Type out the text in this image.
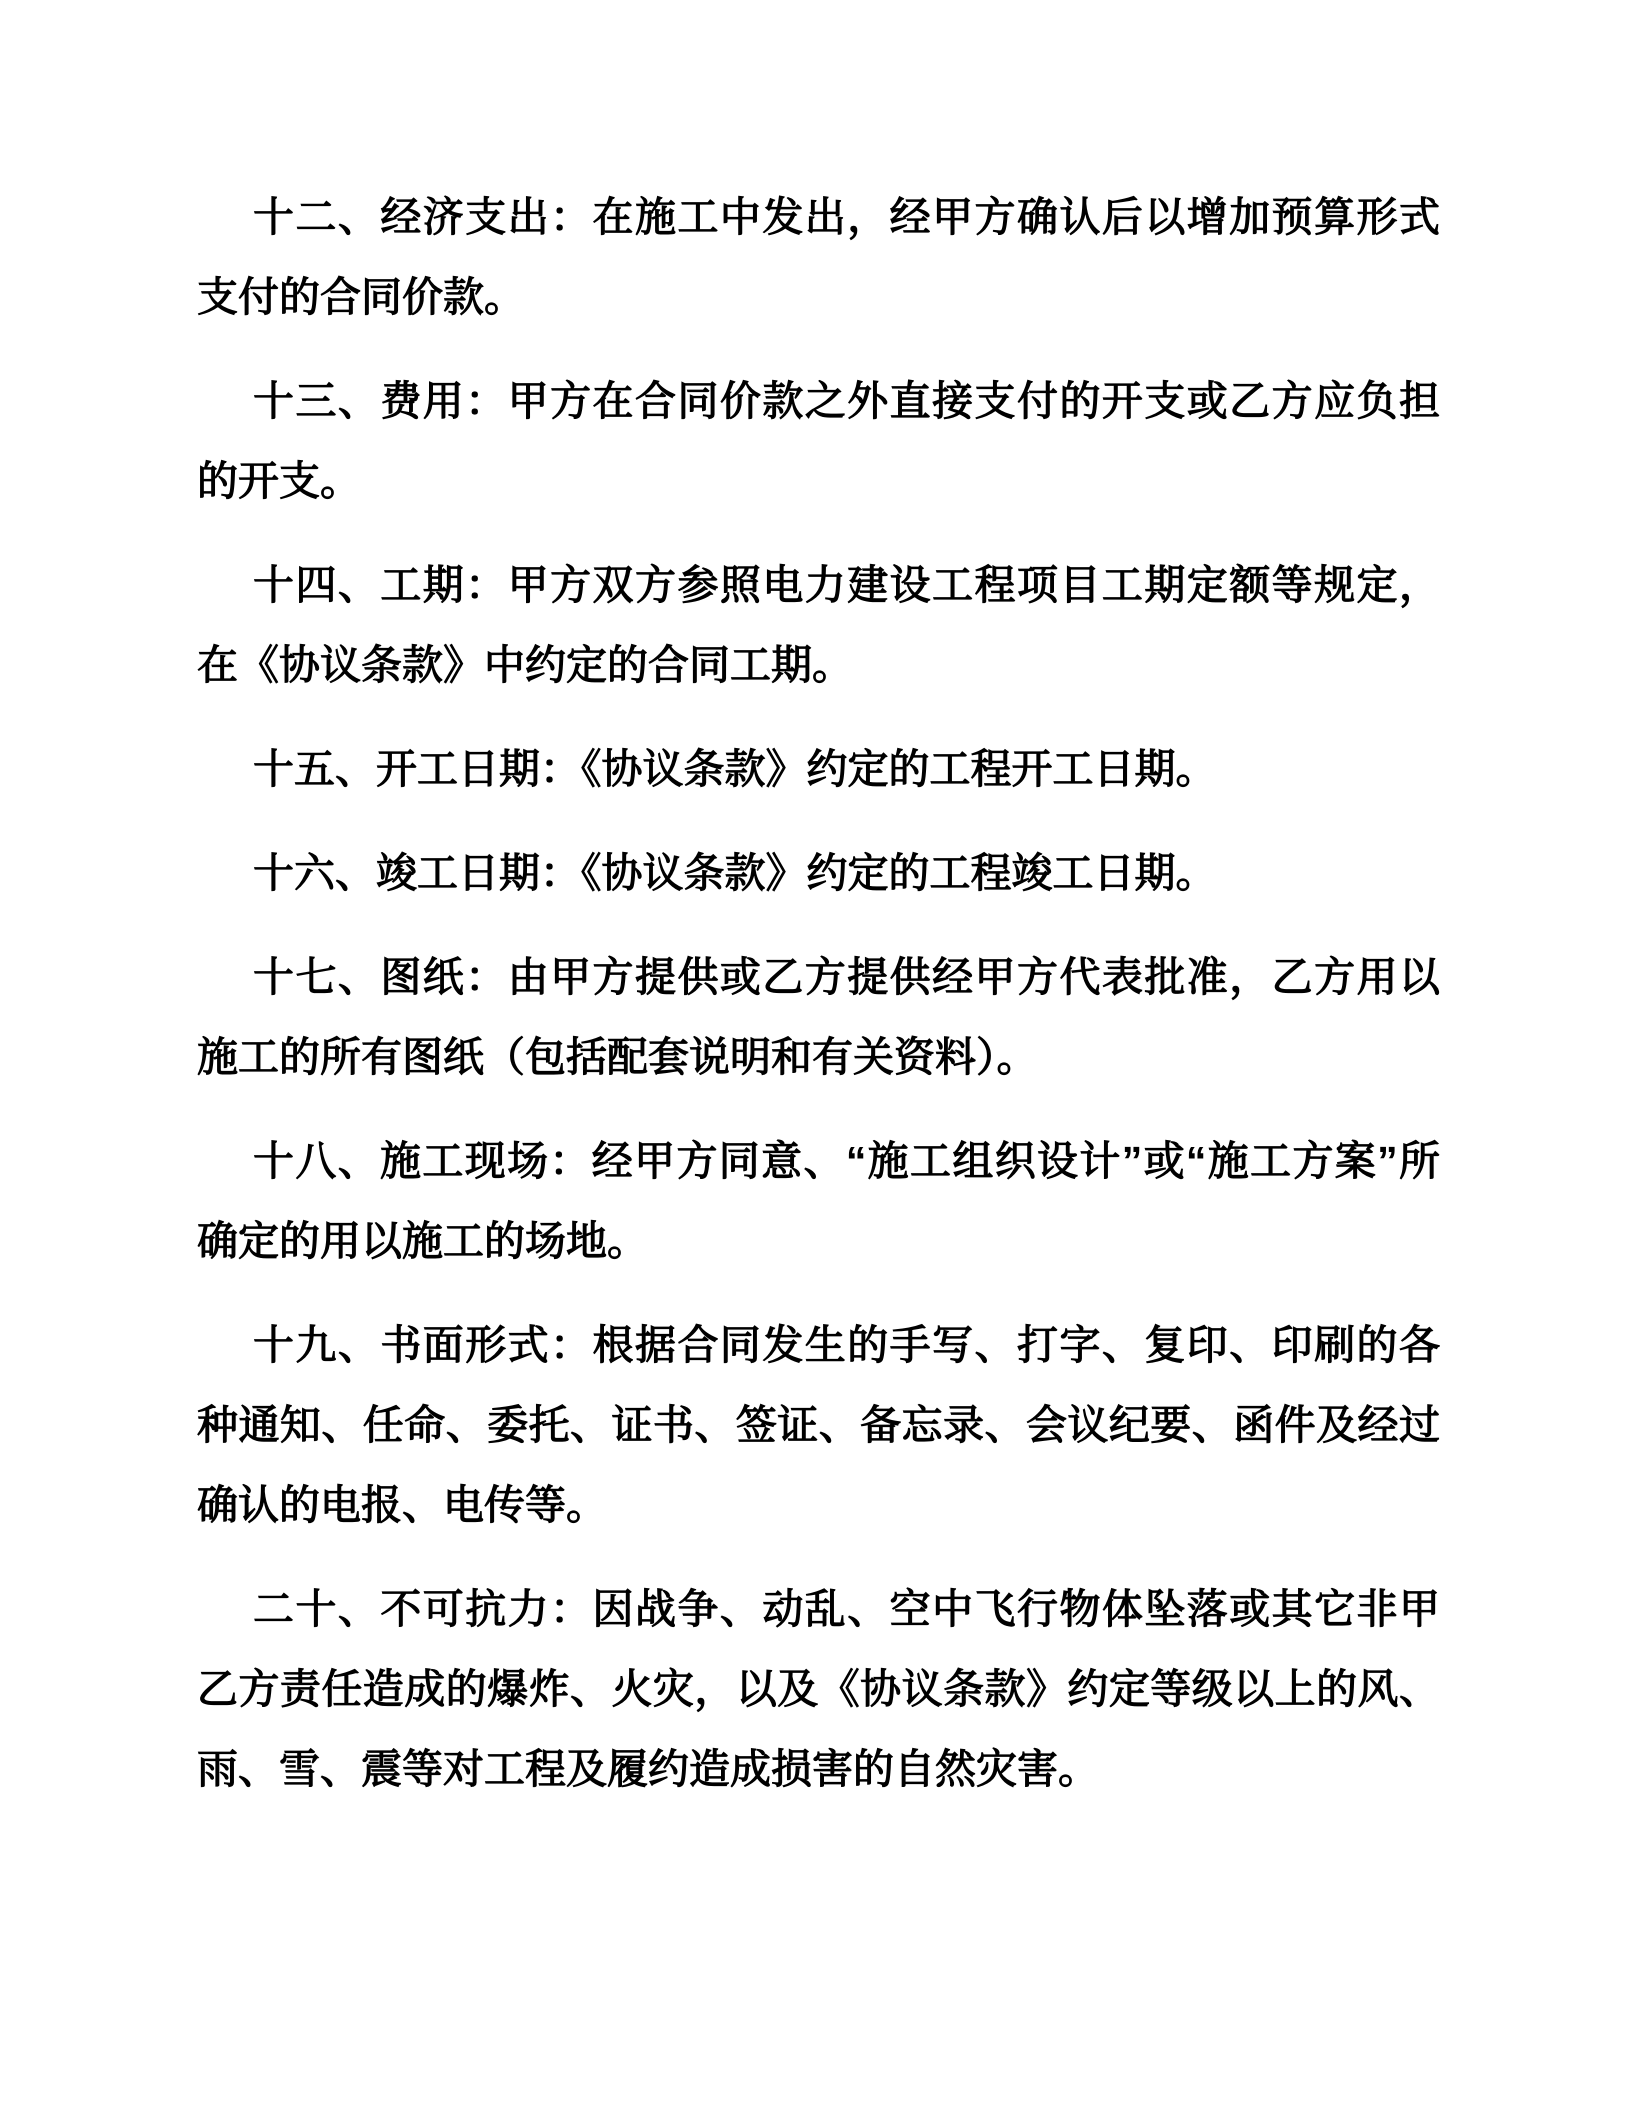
十二、经济支出：在施工中发出，经甲方确认后以增加预算形式支付的合同价款。

十三、费用：甲方在合同价款之外直接支付的开支或乙方应负担的开支。

十四、工期：甲方双方参照电力建设工程项目工期定额等规定，在《协议条款》中约定的合同工期。

十五、开工日期：《协议条款》约定的工程开工日期。

十六、竣工日期：《协议条款》约定的工程竣工日期。

十七、图纸：由甲方提供或乙方提供经甲方代表批准，乙方用以施工的所有图纸（包括配套说明和有关资料）。

十八、施工现场：经甲方同意、“施工组织设计”或“施工方案”所确定的用以施工的场地。

十九、书面形式：根据合同发生的手写、打字、复印、印刷的各种通知、任命、委托、证书、签证、备忘录、会议纪要、函件及经过确认的电报、电传等。

二十、不可抗力：因战争、动乱、空中飞行物体坠落或其它非甲乙方责任造成的爆炸、火灾，以及《协议条款》约定等级以上的风、雨、雪、震等对工程及履约造成损害的自然灾害。
